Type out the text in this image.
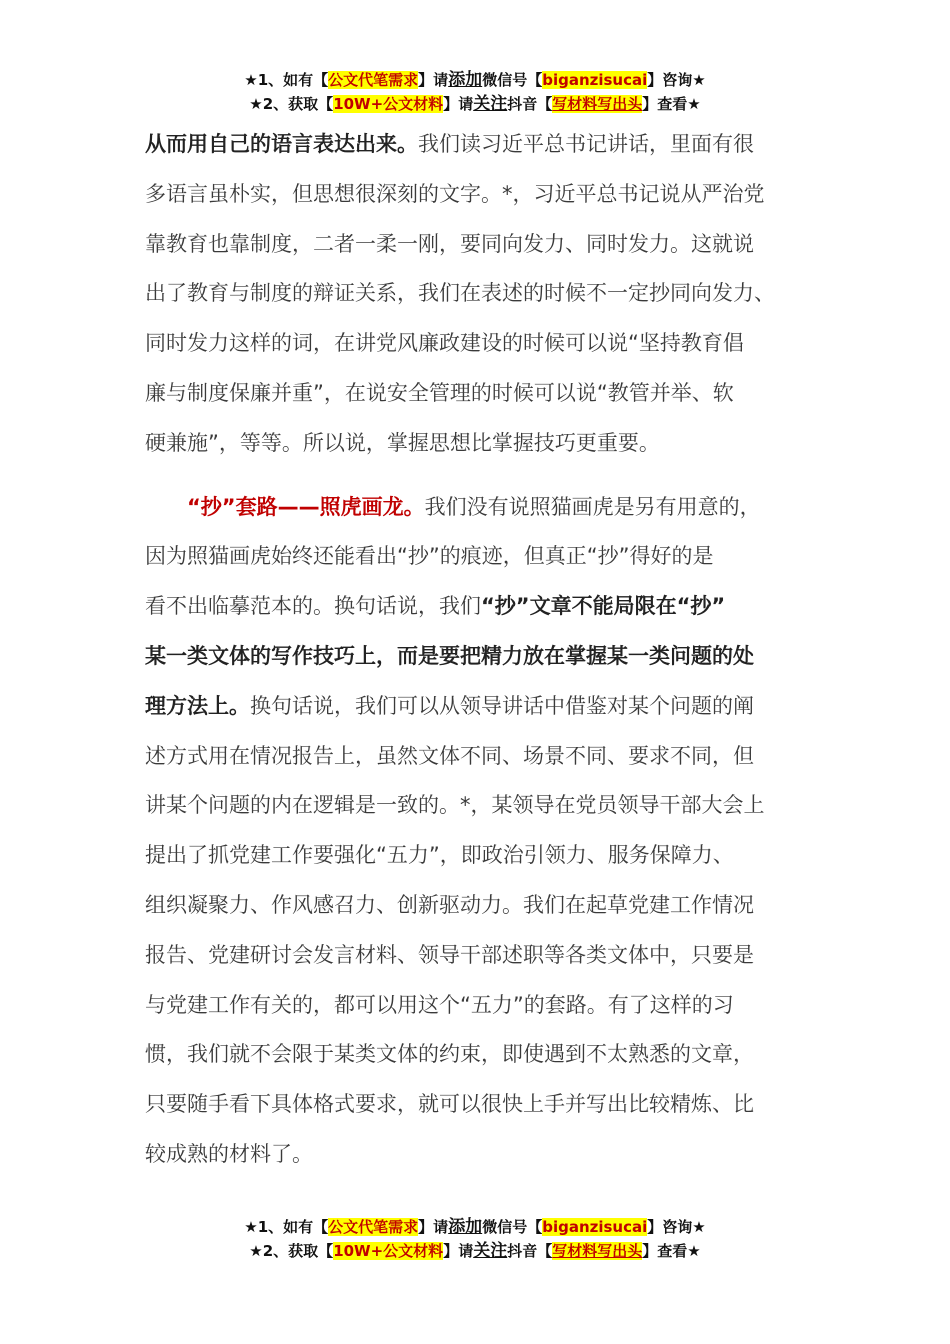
★1、如有【公文代笔需求】请添加微信号【biganzisucai】咨询★
★2、获取【10W+公文材料】请关注抖音【写材料写出头】查看★
从而用自己的语言表达出来。我们读习近平总书记讲话，里面有很
多语言虽朴实，但思想很深刻的文字。*，习近平总书记说从严治党
靠教育也靠制度，二者一柔一刚，要同向发力、同时发力。这就说
出了教育与制度的辩证关系，我们在表述的时候不一定抄同向发力、
同时发力这样的词，在讲党风廉政建设的时候可以说“坚持教育倡
廉与制度保廉并重”，在说安全管理的时候可以说“教管并举、软
硬兼施”，等等。所以说，掌握思想比掌握技巧更重要。
“抄”套路——照虎画龙。我们没有说照猫画虎是另有用意的，
因为照猫画虎始终还能看出“抄”的痕迹，但真正“抄”得好的是
看不出临摹范本的。换句话说，我们“抄”文章不能局限在“抄”
某一类文体的写作技巧上，而是要把精力放在掌握某一类问题的处
理方法上。换句话说，我们可以从领导讲话中借鉴对某个问题的阐
述方式用在情况报告上，虽然文体不同、场景不同、要求不同，但
讲某个问题的内在逻辑是一致的。*，某领导在党员领导干部大会上
提出了抓党建工作要强化“五力”，即政治引领力、服务保障力、
组织凝聚力、作风感召力、创新驱动力。我们在起草党建工作情况
报告、党建研讨会发言材料、领导干部述职等各类文体中，只要是
与党建工作有关的，都可以用这个“五力”的套路。有了这样的习
惯，我们就不会限于某类文体的约束，即使遇到不太熟悉的文章，
只要随手看下具体格式要求，就可以很快上手并写出比较精炼、比
较成熟的材料了。
★1、如有【公文代笔需求】请添加微信号【biganzisucai】咨询★
★2、获取【10W+公文材料】请关注抖音【写材料写出头】查看★
